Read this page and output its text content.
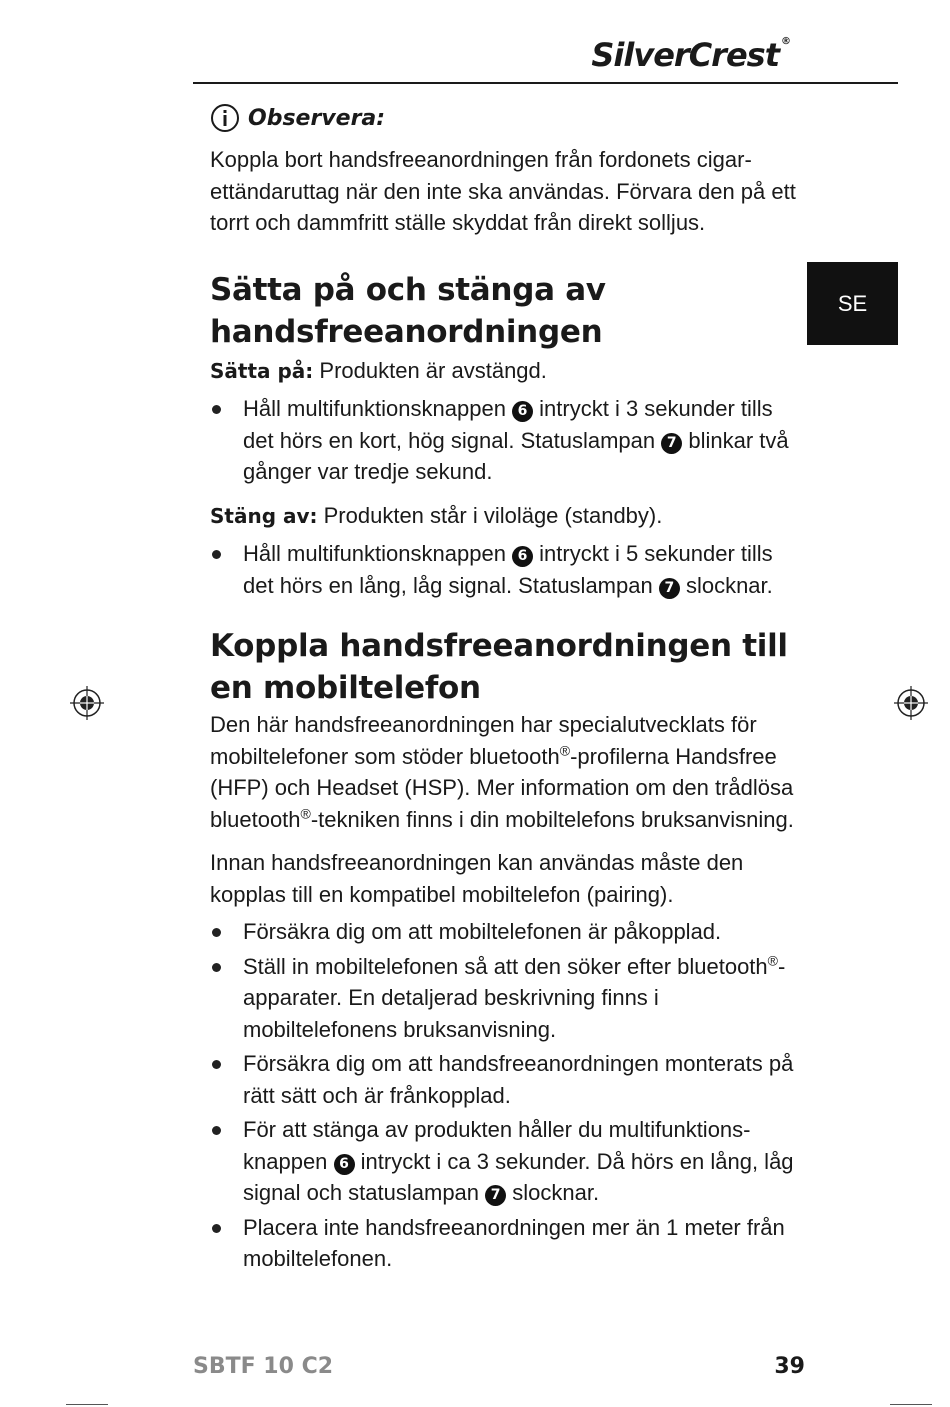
SilverCrest ®
SE
Observera:

Koppla bort handsfreeanordningen från fordonets cigarettändaruttag när den inte ska användas. Förvara den på ett torrt och dammfritt ställe skyddat från direkt solljus.

Sätta på och stänga av handsfreeanordningen

Sätta på: Produkten är avstängd.

Håll multifunktionsknappen 6 intryckt i 3 sekunder tills det hörs en kort, hög signal. Statuslampan 7 blinkar två gånger var tredje sekund.

Stäng av: Produkten står i viloläge (standby).

Håll multifunktionsknappen 6 intryckt i 5 sekunder tills det hörs en lång, låg signal. Statuslampan 7 slocknar.
Koppla handsfreeanordningen till en mobiltelefon

Den här handsfreeanordningen har specialutvecklats för mobiltelefoner som stöder bluetooth®-profilerna Handsfree (HFP) och Headset (HSP). Mer information om den trådlösa bluetooth®-tekniken finns i din mobiltelefons bruksanvisning.

Innan handsfreeanordningen kan användas måste den kopplas till en kompatibel mobiltelefon (pairing).

Försäkra dig om att mobiltelefonen är påkopplad.
Ställ in mobiltelefonen så att den söker efter bluetooth®-apparater. En detaljerad beskrivning finns i mobiltelefonens bruksanvisning.
Försäkra dig om att handsfreeanordningen monterats på rätt sätt och är frånkopplad.
För att stänga av produkten håller du multifunktionsknappen 6 intryckt i ca 3 sekunder. Då hörs en lång, låg signal och statuslampan 7 slocknar.
Placera inte handsfreeanordningen mer än 1 meter från mobiltelefonen.
SBTF 10 C2	39
